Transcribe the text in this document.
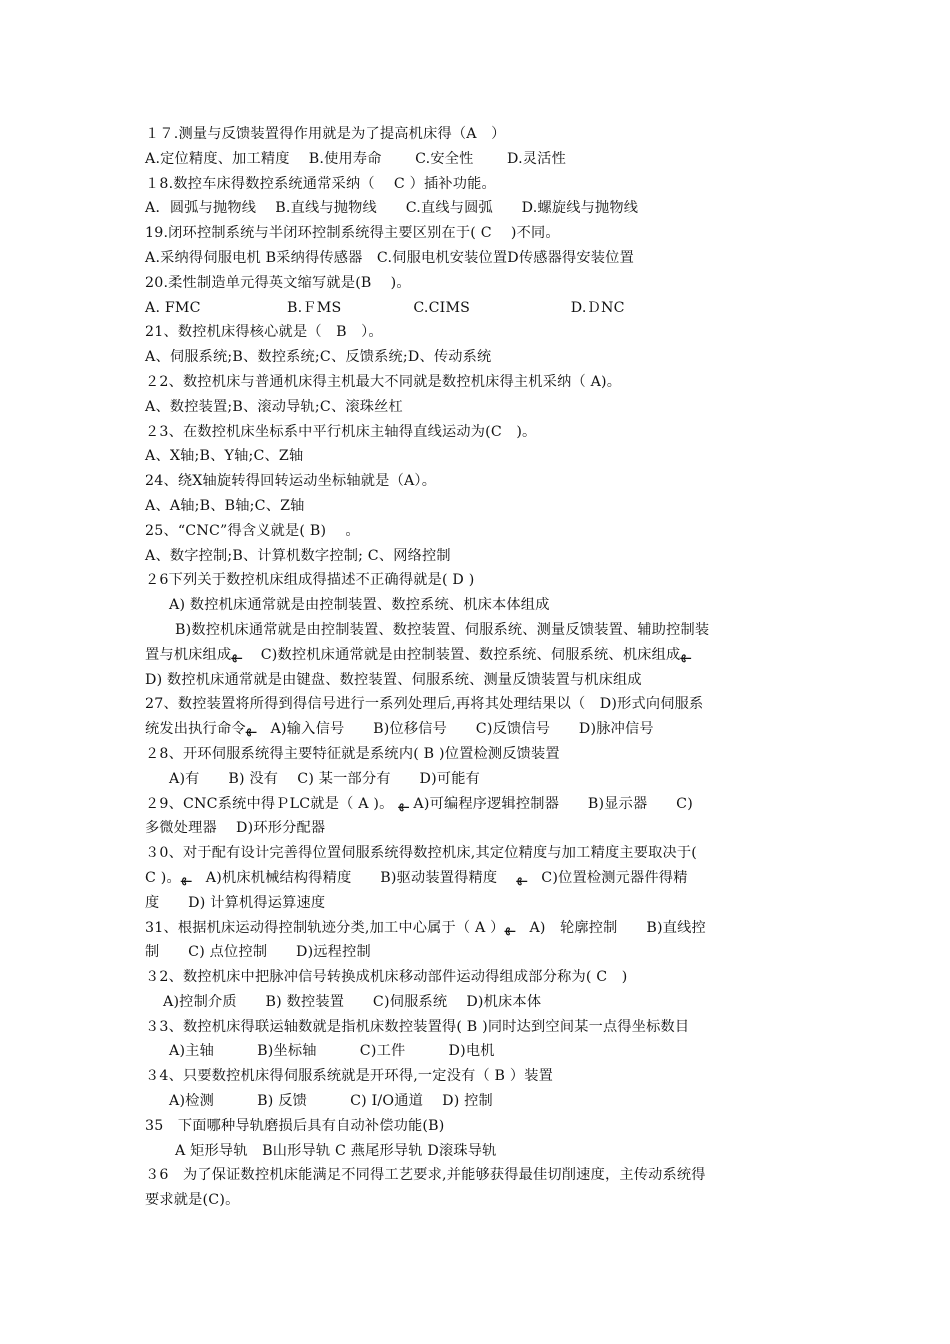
１７.测量与反馈装置得作用就是为了提高机床得（A　）
A.定位精度、加工精度　 B.使用寿命　　 C.安全性　　 D.灵活性
１8.数控车床得数控系统通常采纳（　 C ）插补功能。
A．圆弧与抛物线　 B.直线与抛物线　　C.直线与圆弧　　D.螺旋线与抛物线
19.闭环控制系统与半闭环控制系统得主要区别在于( C　 )不同。
A.采纳得伺服电机 B采纳得传感器　C.伺服电机安装位置D传感器得安装位置
20.柔性制造单元得英文缩写就是(B　 )。
A. FMC　　　　　　B.ＦMS　　　　　C.CIMS　　　　　　　D.ＤNC
21、数控机床得核心就是（　B　）。
A、伺服系统;B、数控系统;C、反馈系统;D、传动系统
２2、数控机床与普通机床得主机最大不同就是数控机床得主机采纳（ A)。
A、数控装置;B、滚动导轨;C、滚珠丝杠
２3、在数控机床坐标系中平行机床主轴得直线运动为(C　)。
A、X轴;B、Y轴;C、Z轴
24、绕X轴旋转得回转运动坐标轴就是（A）。
A、A轴;B、B轴;C、Z轴
25、“CNC”得含义就是( B)　 。
A、数字控制;B、计算机数字控制; C、网络控制
２6下列关于数控机床组成得描述不正确得就是( D )
A) 数控机床通常就是由控制装置、数控系统、机床本体组成
B)数控机床通常就是由控制装置、数控装置、伺服系统、测量反馈装置、辅助控制装
置与机床组成ـﻬ 　C)数控机床通常就是由控制装置、数控系统、伺服系统、机床组成ـﻬ
D) 数控机床通常就是由键盘、数控装置、伺服系统、测量反馈装置与机床组成
27、数控装置将所得到得信号进行一系列处理后,再将其处理结果以（　D)形式向伺服系
统发出执行命令ـﻬ　A)输入信号　　B)位移信号　　C)反馈信号　　D)脉冲信号
２8、开环伺服系统得主要特征就是系统内( B )位置检测反馈装置
A)有　　B) 没有　 C) 某一部分有　　D)可能有
２9、CNC系统中得ＰLC就是（ A )。 ـﻬ A)可编程序逻辑控制器　　B)显示器　　C)
多微处理器　 D)环形分配器
３0、对于配有设计完善得位置伺服系统得数控机床,其定位精度与加工精度主要取决于(
C )。ـﻬ　A)机床机械结构得精度　　B)驱动装置得精度　 ـﻬ　C)位置检测元器件得精
度　　D) 计算机得运算速度
31、根据机床运动得控制轨迹分类,加工中心属于（ A ）ـﻬ　A)　轮廓控制　　B)直线控
制　　C) 点位控制　　D)远程控制
３2、数控机床中把脉冲信号转换成机床移动部件运动得组成部分称为( C　)
A)控制介质　　B) 数控装置　　C)伺服系统　 D)机床本体
３3、数控机床得联运轴数就是指机床数控装置得( B )同时达到空间某一点得坐标数目
A)主轴　　　B)坐标轴　　　C)工件　　　D)电机
３4、只要数控机床得伺服系统就是开环得,一定没有（ B ）装置
A)检测　　　B) 反馈　　　C) I/O通道　 D) 控制
35　下面哪种导轨磨损后具有自动补偿功能(B)
A 矩形导轨　B山形导轨 C 燕尾形导轨 D滚珠导轨
３6　为了保证数控机床能满足不同得工艺要求,并能够获得最佳切削速度，主传动系统得
要求就是(C)。
